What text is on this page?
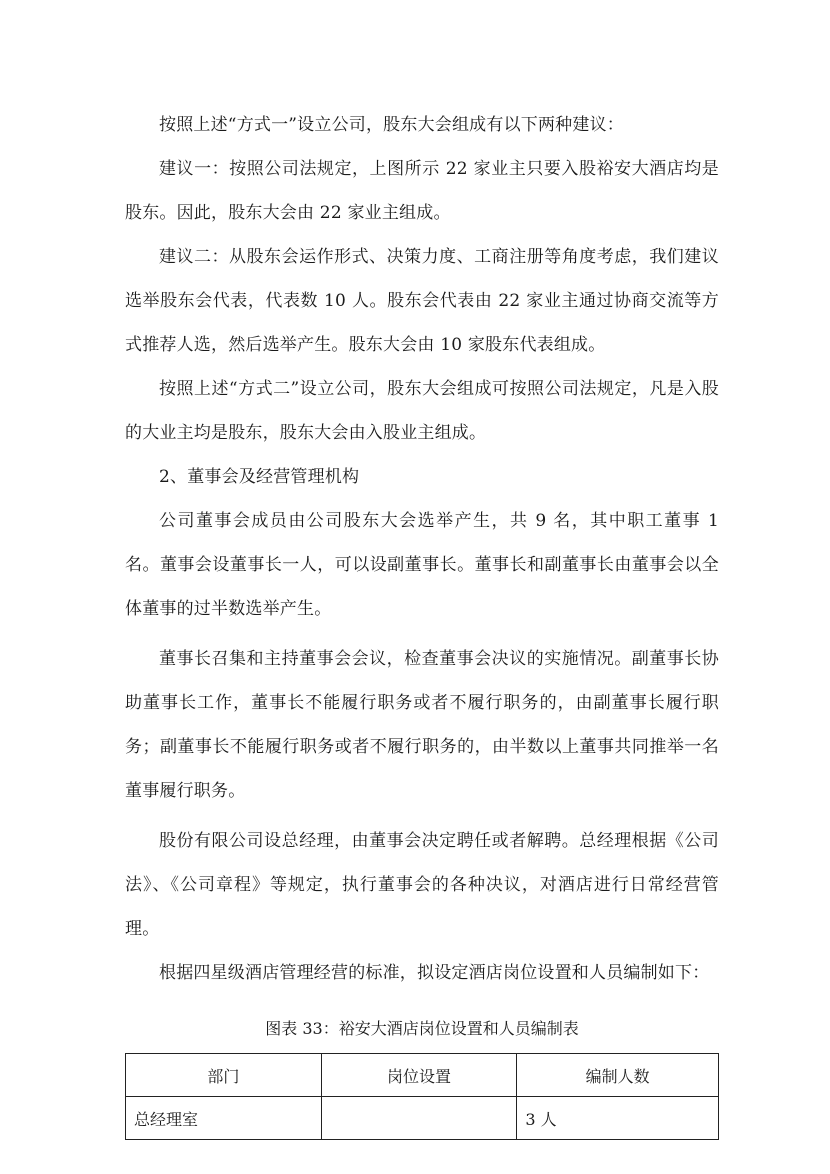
按照上述“方式一”设立公司，股东大会组成有以下两种建议：

建议一：按照公司法规定，上图所示 22 家业主只要入股裕安大酒店均是股东。因此，股东大会由 22 家业主组成。

建议二：从股东会运作形式、决策力度、工商注册等角度考虑，我们建议选举股东会代表，代表数 10 人。股东会代表由 22 家业主通过协商交流等方式推荐人选，然后选举产生。股东大会由 10 家股东代表组成。

按照上述“方式二”设立公司，股东大会组成可按照公司法规定，凡是入股的大业主均是股东，股东大会由入股业主组成。

2、董事会及经营管理机构

公司董事会成员由公司股东大会选举产生，共 9 名，其中职工董事 1 名。董事会设董事长一人，可以设副董事长。董事长和副董事长由董事会以全体董事的过半数选举产生。

董事长召集和主持董事会会议，检查董事会决议的实施情况。副董事长协助董事长工作，董事长不能履行职务或者不履行职务的，由副董事长履行职务；副董事长不能履行职务或者不履行职务的，由半数以上董事共同推举一名董事履行职务。

股份有限公司设总经理，由董事会决定聘任或者解聘。总经理根据《公司法》、《公司章程》等规定，执行董事会的各种决议，对酒店进行日常经营管理。

根据四星级酒店管理经营的标准，拟设定酒店岗位设置和人员编制如下：

图表 33：裕安大酒店岗位设置和人员编制表
部门	岗位设置	编制人数
总经理室		3 人
